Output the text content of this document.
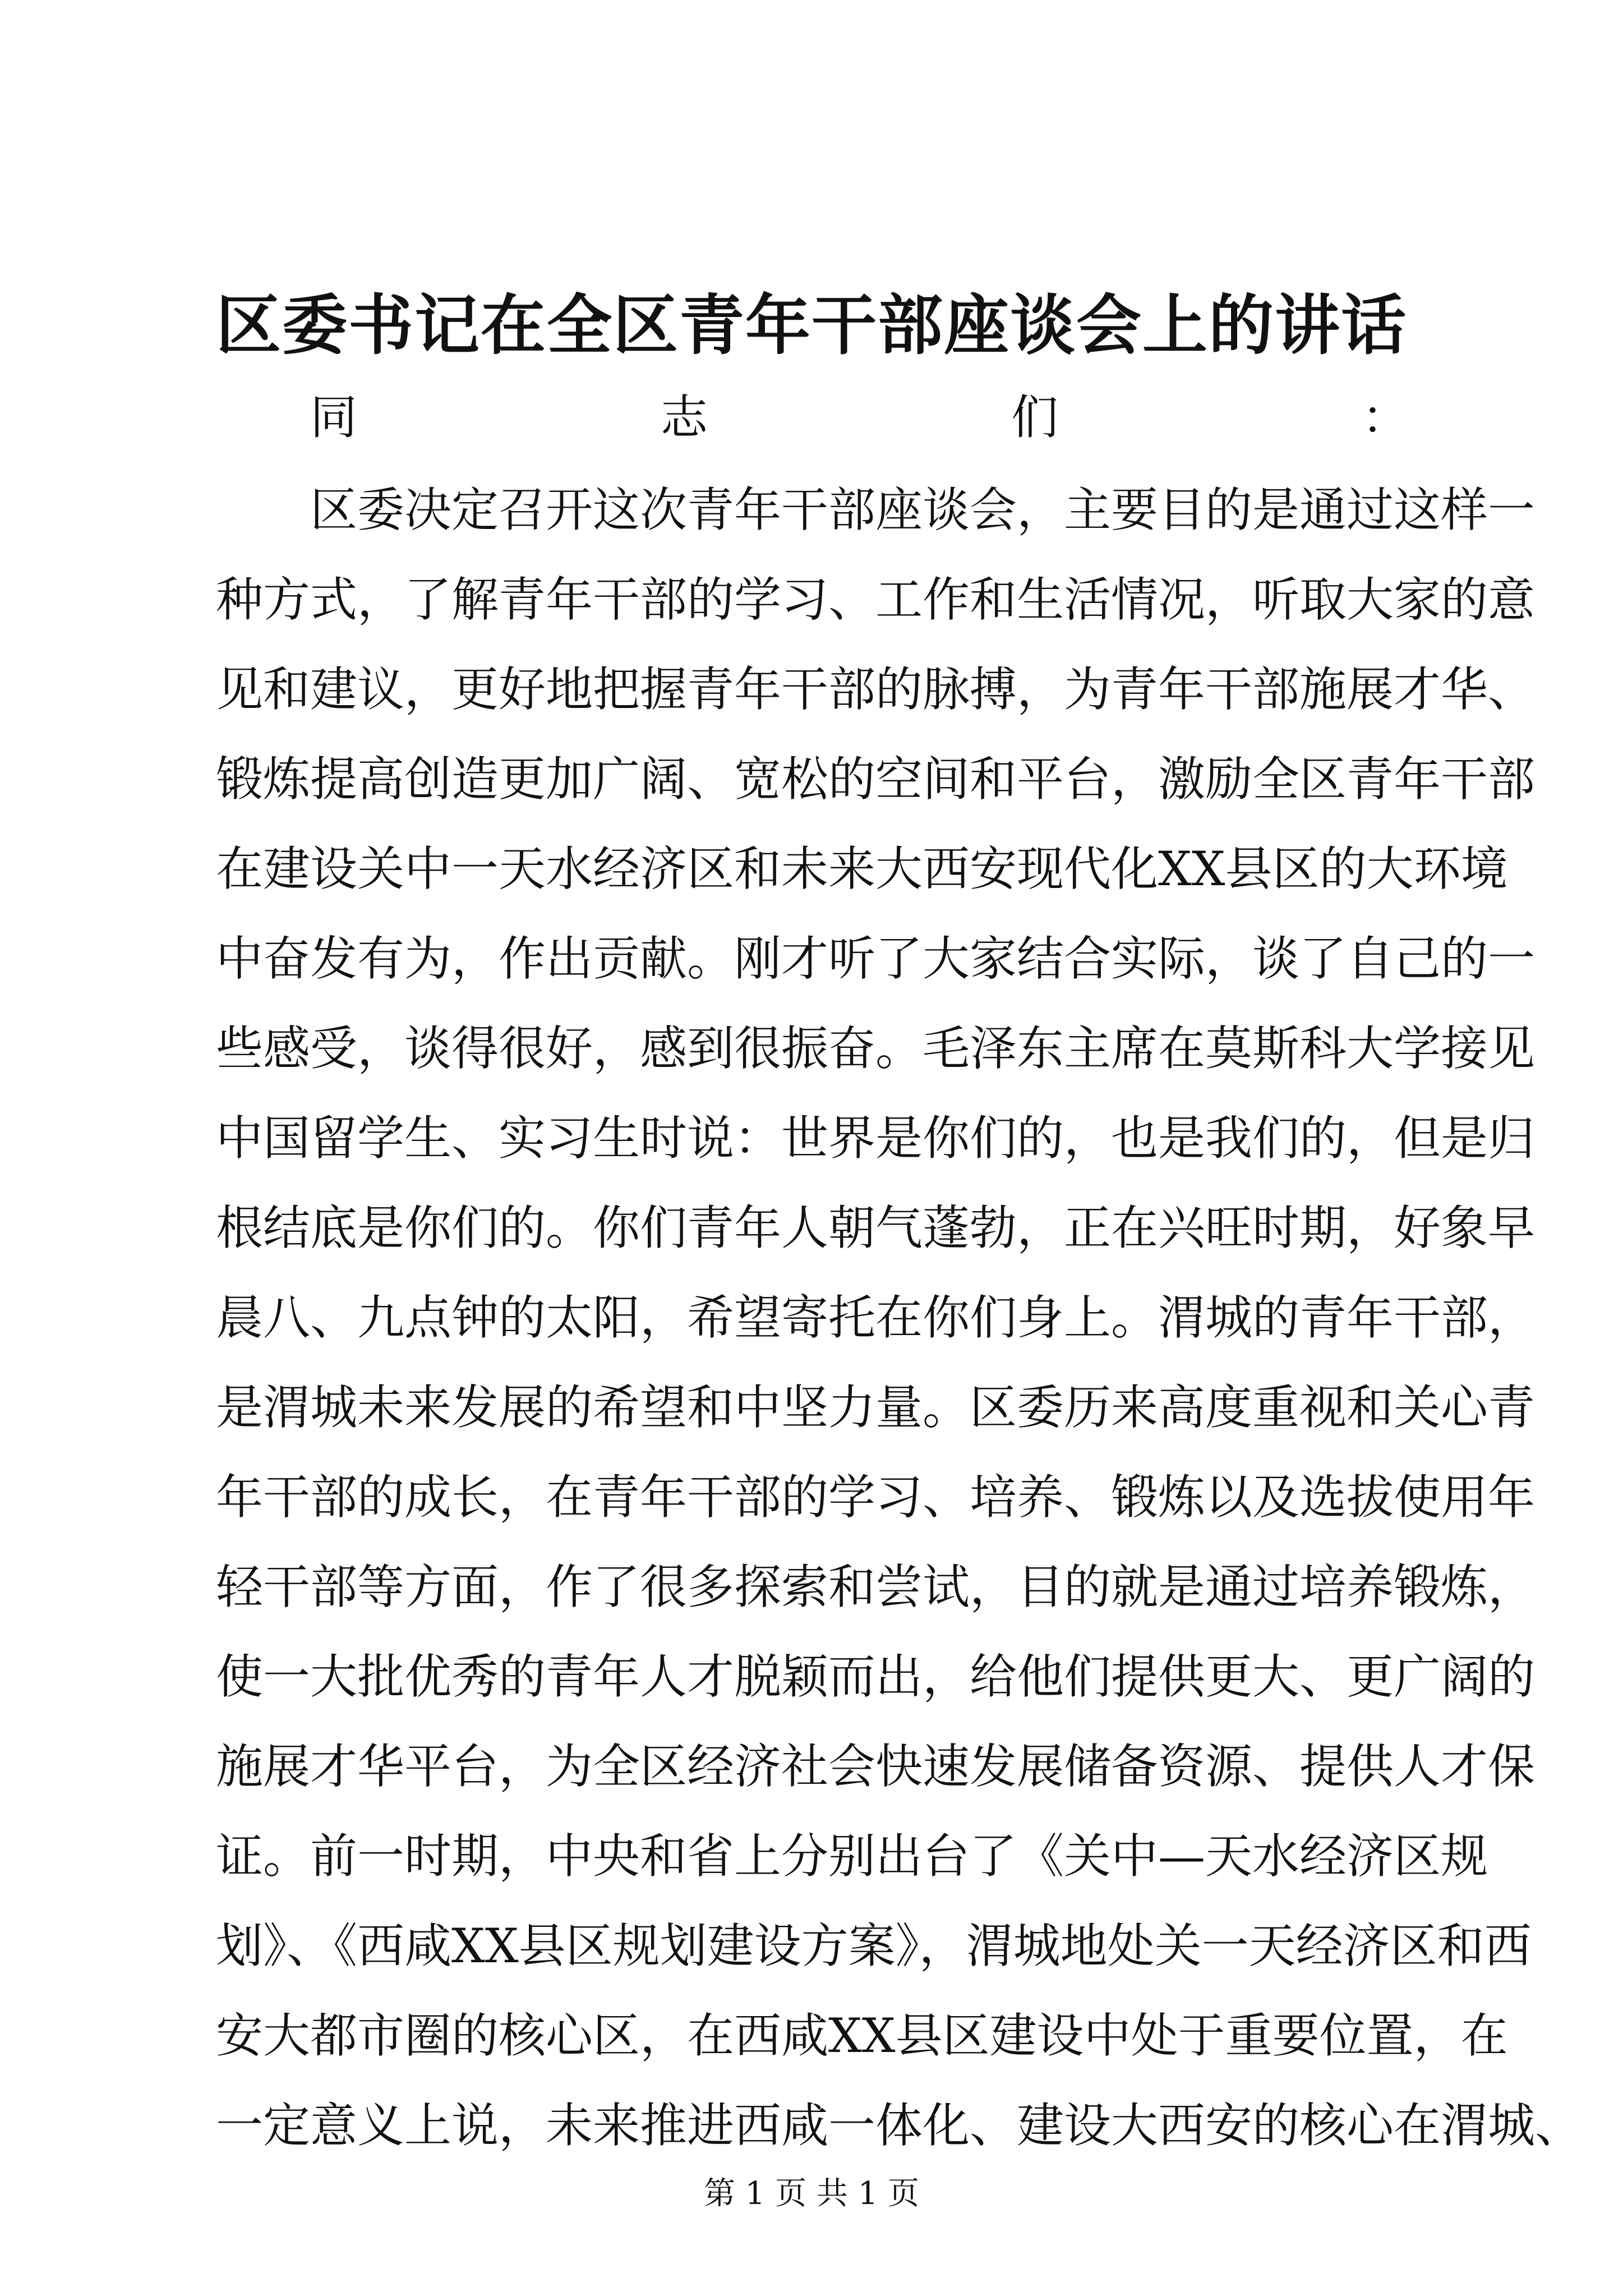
区委书记在全区青年干部座谈会上的讲话
同志们：
区委决定召开这次青年干部座谈会，主要目的是通过这样一
种方式，了解青年干部的学习、工作和生活情况，听取大家的意
见和建议，更好地把握青年干部的脉搏，为青年干部施展才华、
锻炼提高创造更加广阔、宽松的空间和平台，激励全区青年干部
在建设关中一天水经济区和未来大西安现代化XX县区的大环境
中奋发有为，作出贡献。刚才听了大家结合实际，谈了自己的一
些感受，谈得很好，感到很振奋。毛泽东主席在莫斯科大学接见
中国留学生、实习生时说：世界是你们的，也是我们的，但是归
根结底是你们的。你们青年人朝气蓬勃，正在兴旺时期，好象早
晨八、九点钟的太阳，希望寄托在你们身上。渭城的青年干部，
是渭城未来发展的希望和中坚力量。区委历来高度重视和关心青
年干部的成长，在青年干部的学习、培养、锻炼以及选拔使用年
轻干部等方面，作了很多探索和尝试，目的就是通过培养锻炼，
使一大批优秀的青年人才脱颖而出，给他们提供更大、更广阔的
施展才华平台，为全区经济社会快速发展储备资源、提供人才保
证。前一时期，中央和省上分别出台了《关中—天水经济区规
划》、《西咸XX县区规划建设方案》，渭城地处关一天经济区和西
安大都市圈的核心区，在西咸XX县区建设中处于重要位置，在
一定意义上说，未来推进西咸一体化、建设大西安的核心在渭城、
第 1 页 共 1 页
